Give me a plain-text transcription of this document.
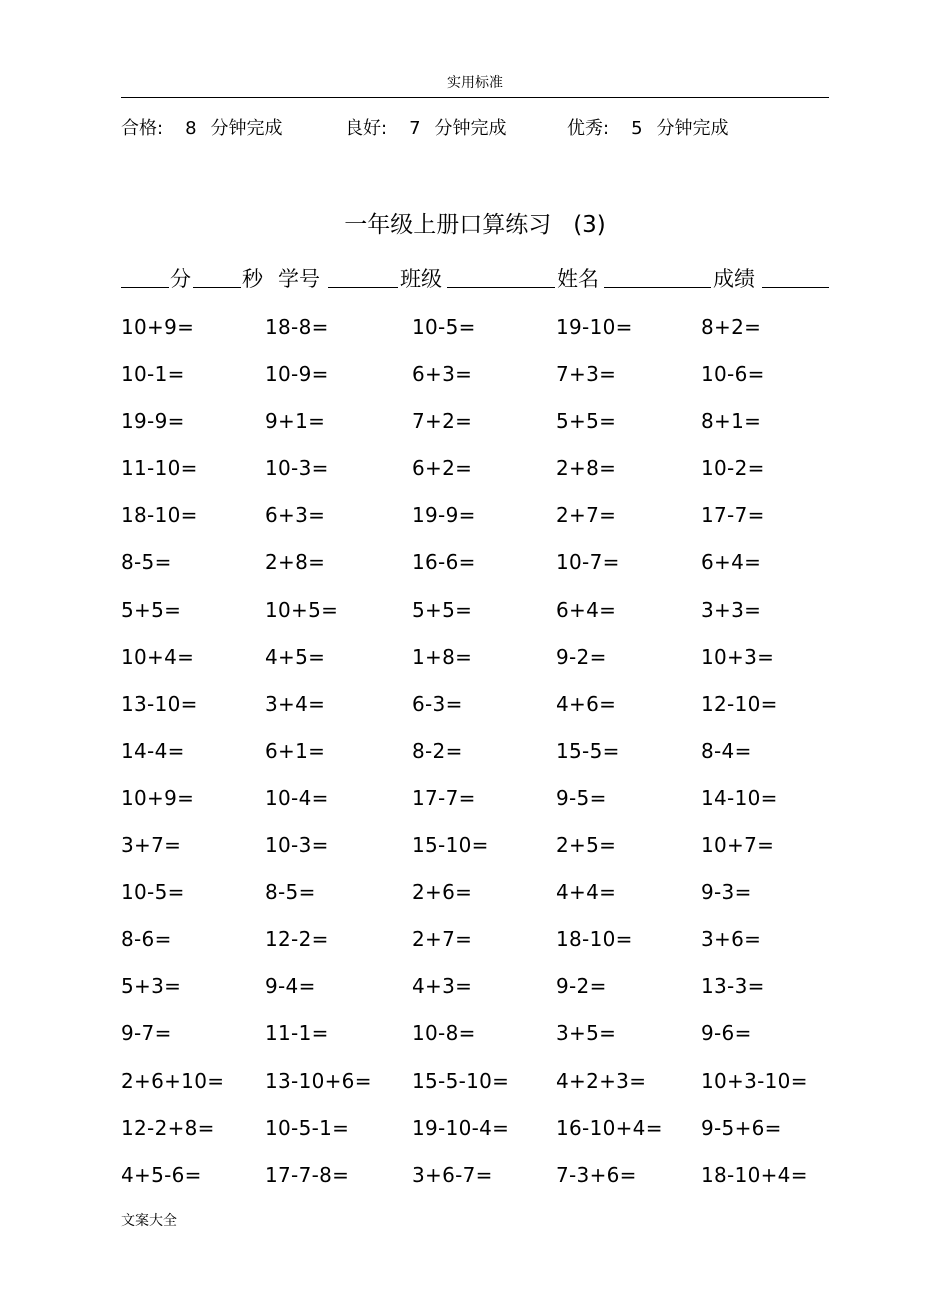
实用标准
合格: 8 分钟完成	良好: 7 分钟完成	优秀: 5 分钟完成
一年级上册口算练习 (3)
分 秒 学号	班级	姓名	成绩
10+9=	18-8=	10-5=	19-10=	8+2=
10-1=	10-9=	6+3=	7+3=	10-6=
19-9=	9+1=	7+2=	5+5=	8+1=
11-10=	10-3=	6+2=	2+8=	10-2=
18-10=	6+3=	19-9=	2+7=	17-7=
8-5=	2+8=	16-6=	10-7=	6+4=
5+5=	10+5=	5+5=	6+4=	3+3=
10+4=	4+5=	1+8=	9-2=	10+3=
13-10=	3+4=	6-3=	4+6=	12-10=
14-4=	6+1=	8-2=	15-5=	8-4=
10+9=	10-4=	17-7=	9-5=	14-10=
3+7=	10-3=	15-10=	2+5=	10+7=
10-5=	8-5=	2+6=	4+4=	9-3=
8-6=	12-2=	2+7=	18-10=	3+6=
5+3=	9-4=	4+3=	9-2=	13-3=
9-7=	11-1=	10-8=	3+5=	9-6=
2+6+10= 13-10+6= 15-5-10= 4+2+3=	10+3-10=
12-2+8=	10-5-1=	19-10-4= 16-10+4= 9-5+6=
4+5-6=	17-7-8=	3+6-7=	7-3+6=	18-10+4=
文案大全
